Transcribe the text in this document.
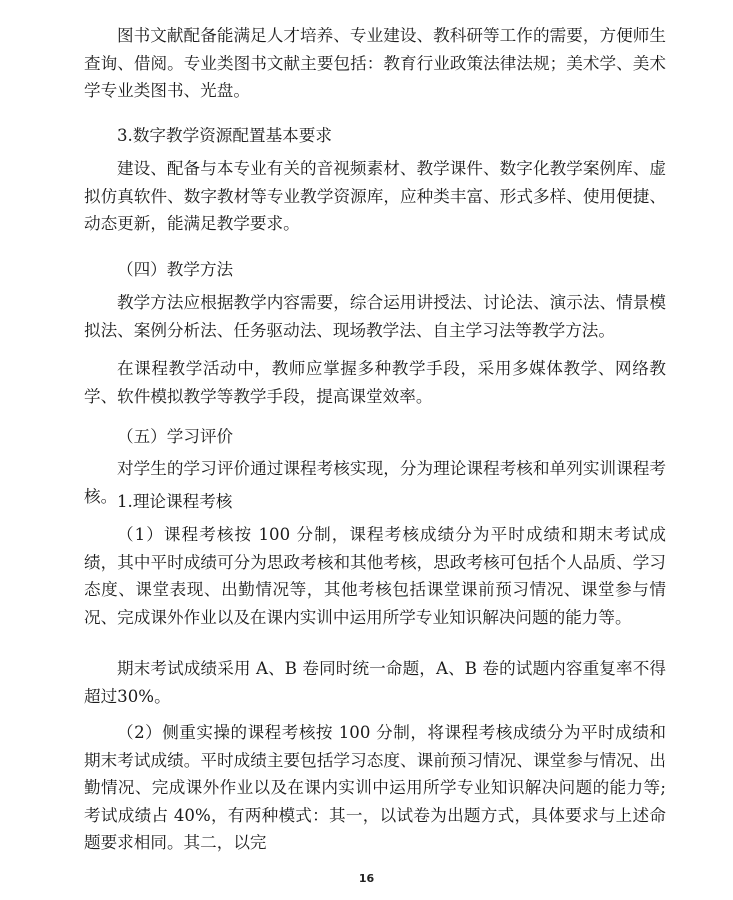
图书文献配备能满足人才培养、专业建设、教科研等工作的需要，方便师生查询、借阅。专业类图书文献主要包括：教育行业政策法律法规；美术学、美术学专业类图书、光盘。

3.数字教学资源配置基本要求

建设、配备与本专业有关的音视频素材、教学课件、数字化教学案例库、虚拟仿真软件、数字教材等专业教学资源库，应种类丰富、形式多样、使用便捷、动态更新，能满足教学要求。

（四）教学方法

教学方法应根据教学内容需要，综合运用讲授法、讨论法、演示法、情景模拟法、案例分析法、任务驱动法、现场教学法、自主学习法等教学方法。

在课程教学活动中，教师应掌握多种教学手段，采用多媒体教学、网络教学、软件模拟教学等教学手段，提高课堂效率。

（五）学习评价

对学生的学习评价通过课程考核实现，分为理论课程考核和单列实训课程考核。 1.理论课程考核

（1）课程考核按 100 分制，课程考核成绩分为平时成绩和期末考试成绩，其中平时成绩可分为思政考核和其他考核，思政考核可包括个人品质、学习态度、课堂表现、出勤情况等，其他考核包括课堂课前预习情况、课堂参与情况、完成课外作业以及在课内实训中运用所学专业知识解决问题的能力等。

期末考试成绩采用 A、B 卷同时统一命题，A、B 卷的试题内容重复率不得超过30%。

（2）侧重实操的课程考核按 100 分制，将课程考核成绩分为平时成绩和期末考试成绩。平时成绩主要包括学习态度、课前预习情况、课堂参与情况、出勤情况、完成课外作业以及在课内实训中运用所学专业知识解决问题的能力等;考试成绩占 40%，有两种模式：其一，以试卷为出题方式，具体要求与上述命题要求相同。其二，以完

16
